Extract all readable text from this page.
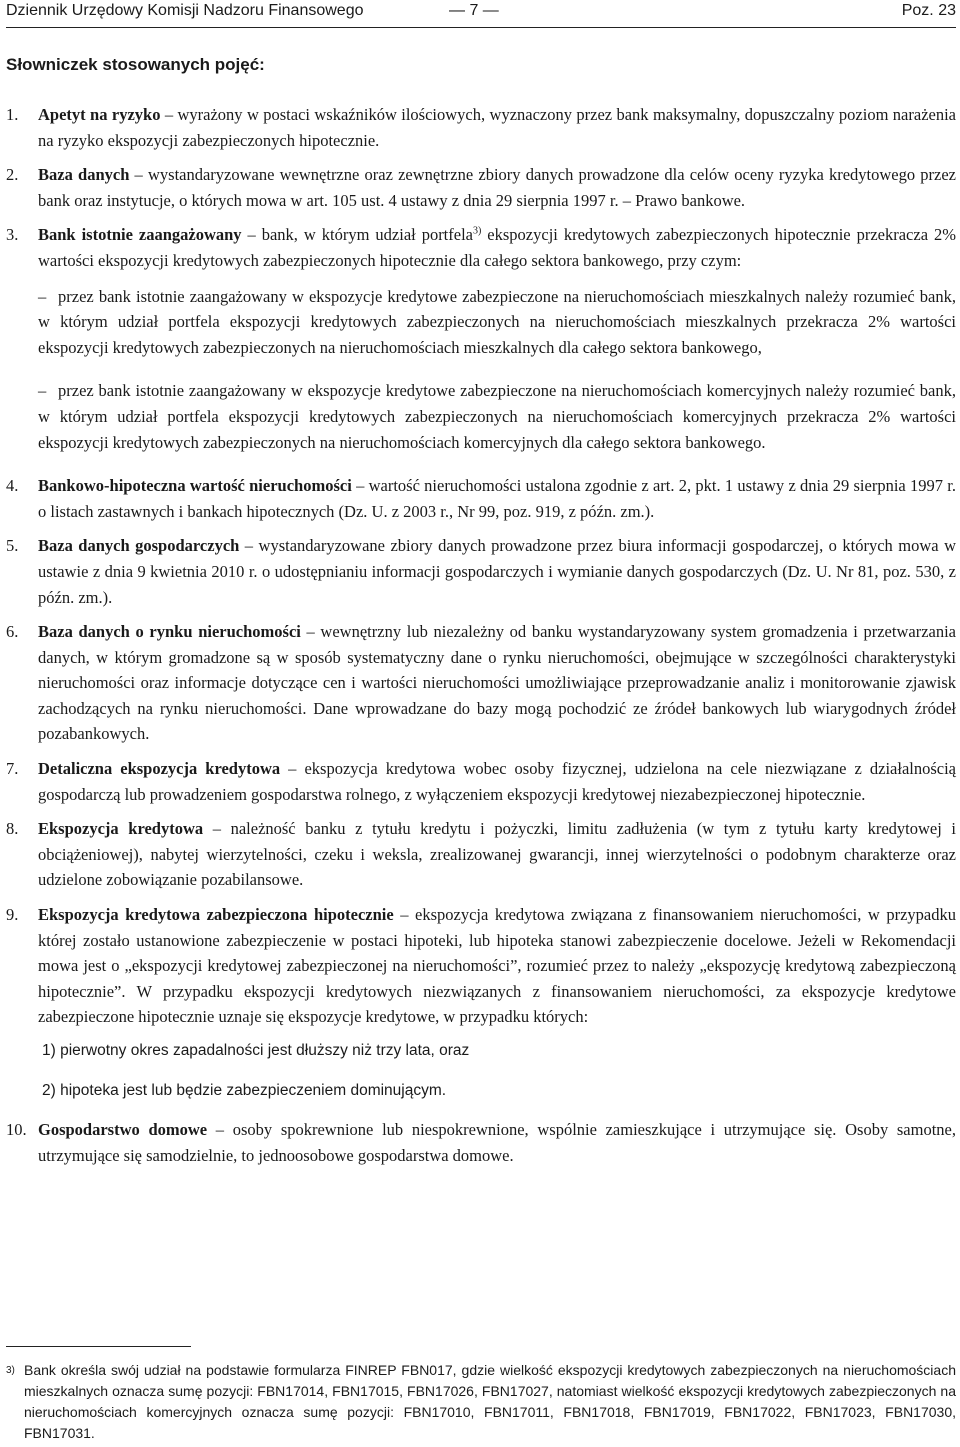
Dziennik Urzędowy Komisji Nadzoru Finansowego	— 7 —	Poz. 23
Słowniczek stosowanych pojęć:
1.	Apetyt na ryzyko – wyrażony w postaci wskaźników ilościowych, wyznaczony przez bank maksymalny, dopuszczalny poziom narażenia na ryzyko ekspozycji zabezpieczonych hipotecznie.
2.	Baza danych – wystandaryzowane wewnętrzne oraz zewnętrzne zbiory danych prowadzone dla celów oceny ryzyka kredytowego przez bank oraz instytucje, o których mowa w art. 105 ust. 4 ustawy z dnia 29 sierpnia 1997 r. – Prawo bankowe.
3.	Bank istotnie zaangażowany – bank, w którym udział portfela$^{3)}$ ekspozycji kredytowych zabezpieczonych hipotecznie przekracza 2% wartości ekspozycji kredytowych zabezpieczonych hipotecznie dla całego sektora bankowego, przy czym:
– przez bank istotnie zaangażowany w ekspozycje kredytowe zabezpieczone na nieruchomościach mieszkalnych należy rozumieć bank, w którym udział portfela ekspozycji kredytowych zabezpieczonych na nieruchomościach mieszkalnych przekracza 2% wartości ekspozycji kredytowych zabezpieczonych na nieruchomościach mieszkalnych dla całego sektora bankowego,
– przez bank istotnie zaangażowany w ekspozycje kredytowe zabezpieczone na nieruchomościach komercyjnych należy rozumieć bank, w którym udział portfela ekspozycji kredytowych zabezpieczonych na nieruchomościach komercyjnych przekracza 2% wartości ekspozycji kredytowych zabezpieczonych na nieruchomościach komercyjnych dla całego sektora bankowego.
4.	Bankowo-hipoteczna wartość nieruchomości – wartość nieruchomości ustalona zgodnie z art. 2, pkt. 1 ustawy z dnia 29 sierpnia 1997 r. o listach zastawnych i bankach hipotecznych (Dz. U. z 2003 r., Nr 99, poz. 919, z późn. zm.).
5.	Baza danych gospodarczych – wystandaryzowane zbiory danych prowadzone przez biura informacji gospodarczej, o których mowa w ustawie z dnia 9 kwietnia 2010 r. o udostępnianiu informacji gospodarczych i wymianie danych gospodarczych (Dz. U. Nr 81, poz. 530, z późn. zm.).
6.	Baza danych o rynku nieruchomości – wewnętrzny lub niezależny od banku wystandaryzowany system gromadzenia i przetwarzania danych, w którym gromadzone są w sposób systematyczny dane o rynku nieruchomości, obejmujące w szczególności charakterystyki nieruchomości oraz informacje dotyczące cen i wartości nieruchomości umożliwiające przeprowadzanie analiz i monitorowanie zjawisk zachodzących na rynku nieruchomości. Dane wprowadzane do bazy mogą pochodzić ze źródeł bankowych lub wiarygodnych źródeł pozabankowych.
7.	Detaliczna ekspozycja kredytowa – ekspozycja kredytowa wobec osoby fizycznej, udzielona na cele niezwiązane z działalnością gospodarczą lub prowadzeniem gospodarstwa rolnego, z wyłączeniem ekspozycji kredytowej niezabezpieczonej hipotecznie.
8.	Ekspozycja kredytowa – należność banku z tytułu kredytu i pożyczki, limitu zadłużenia (w tym z tytułu karty kredytowej i obciążeniowej), nabytej wierzytelności, czeku i weksla, zrealizowanej gwarancji, innej wierzytelności o podobnym charakterze oraz udzielone zobowiązanie pozabilansowe.
9.	Ekspozycja kredytowa zabezpieczona hipotecznie – ekspozycja kredytowa związana z finansowaniem nieruchomości, w przypadku której zostało ustanowione zabezpieczenie w postaci hipoteki, lub hipoteka stanowi zabezpieczenie docelowe. Jeżeli w Rekomendacji mowa jest o „ekspozycji kredytowej zabezpieczonej na nieruchomości”, rozumieć przez to należy „ekspozycję kredytową zabezpieczoną hipotecznie”. W przypadku ekspozycji kredytowych niezwiązanych z finansowaniem nieruchomości, za ekspozycje kredytowe zabezpieczone hipotecznie uznaje się ekspozycje kredytowe, w przypadku których:
1) pierwotny okres zapadalności jest dłuższy niż trzy lata, oraz
2) hipoteka jest lub będzie zabezpieczeniem dominującym.
10. Gospodarstwo domowe – osoby spokrewnione lub niespokrewnione, wspólnie zamieszkujące i utrzymujące się. Osoby samotne, utrzymujące się samodzielnie, to jednoosobowe gospodarstwa domowe.
3) Bank określa swój udział na podstawie formularza FINREP FBN017, gdzie wielkość ekspozycji kredytowych zabezpieczonych na nieruchomościach mieszkalnych oznacza sumę pozycji: FBN17014, FBN17015, FBN17026, FBN17027, natomiast wielkość ekspozycji kredytowych zabezpieczonych na nieruchomościach komercyjnych oznacza sumę pozycji: FBN17010, FBN17011, FBN17018, FBN17019, FBN17022, FBN17023, FBN17030, FBN17031.
